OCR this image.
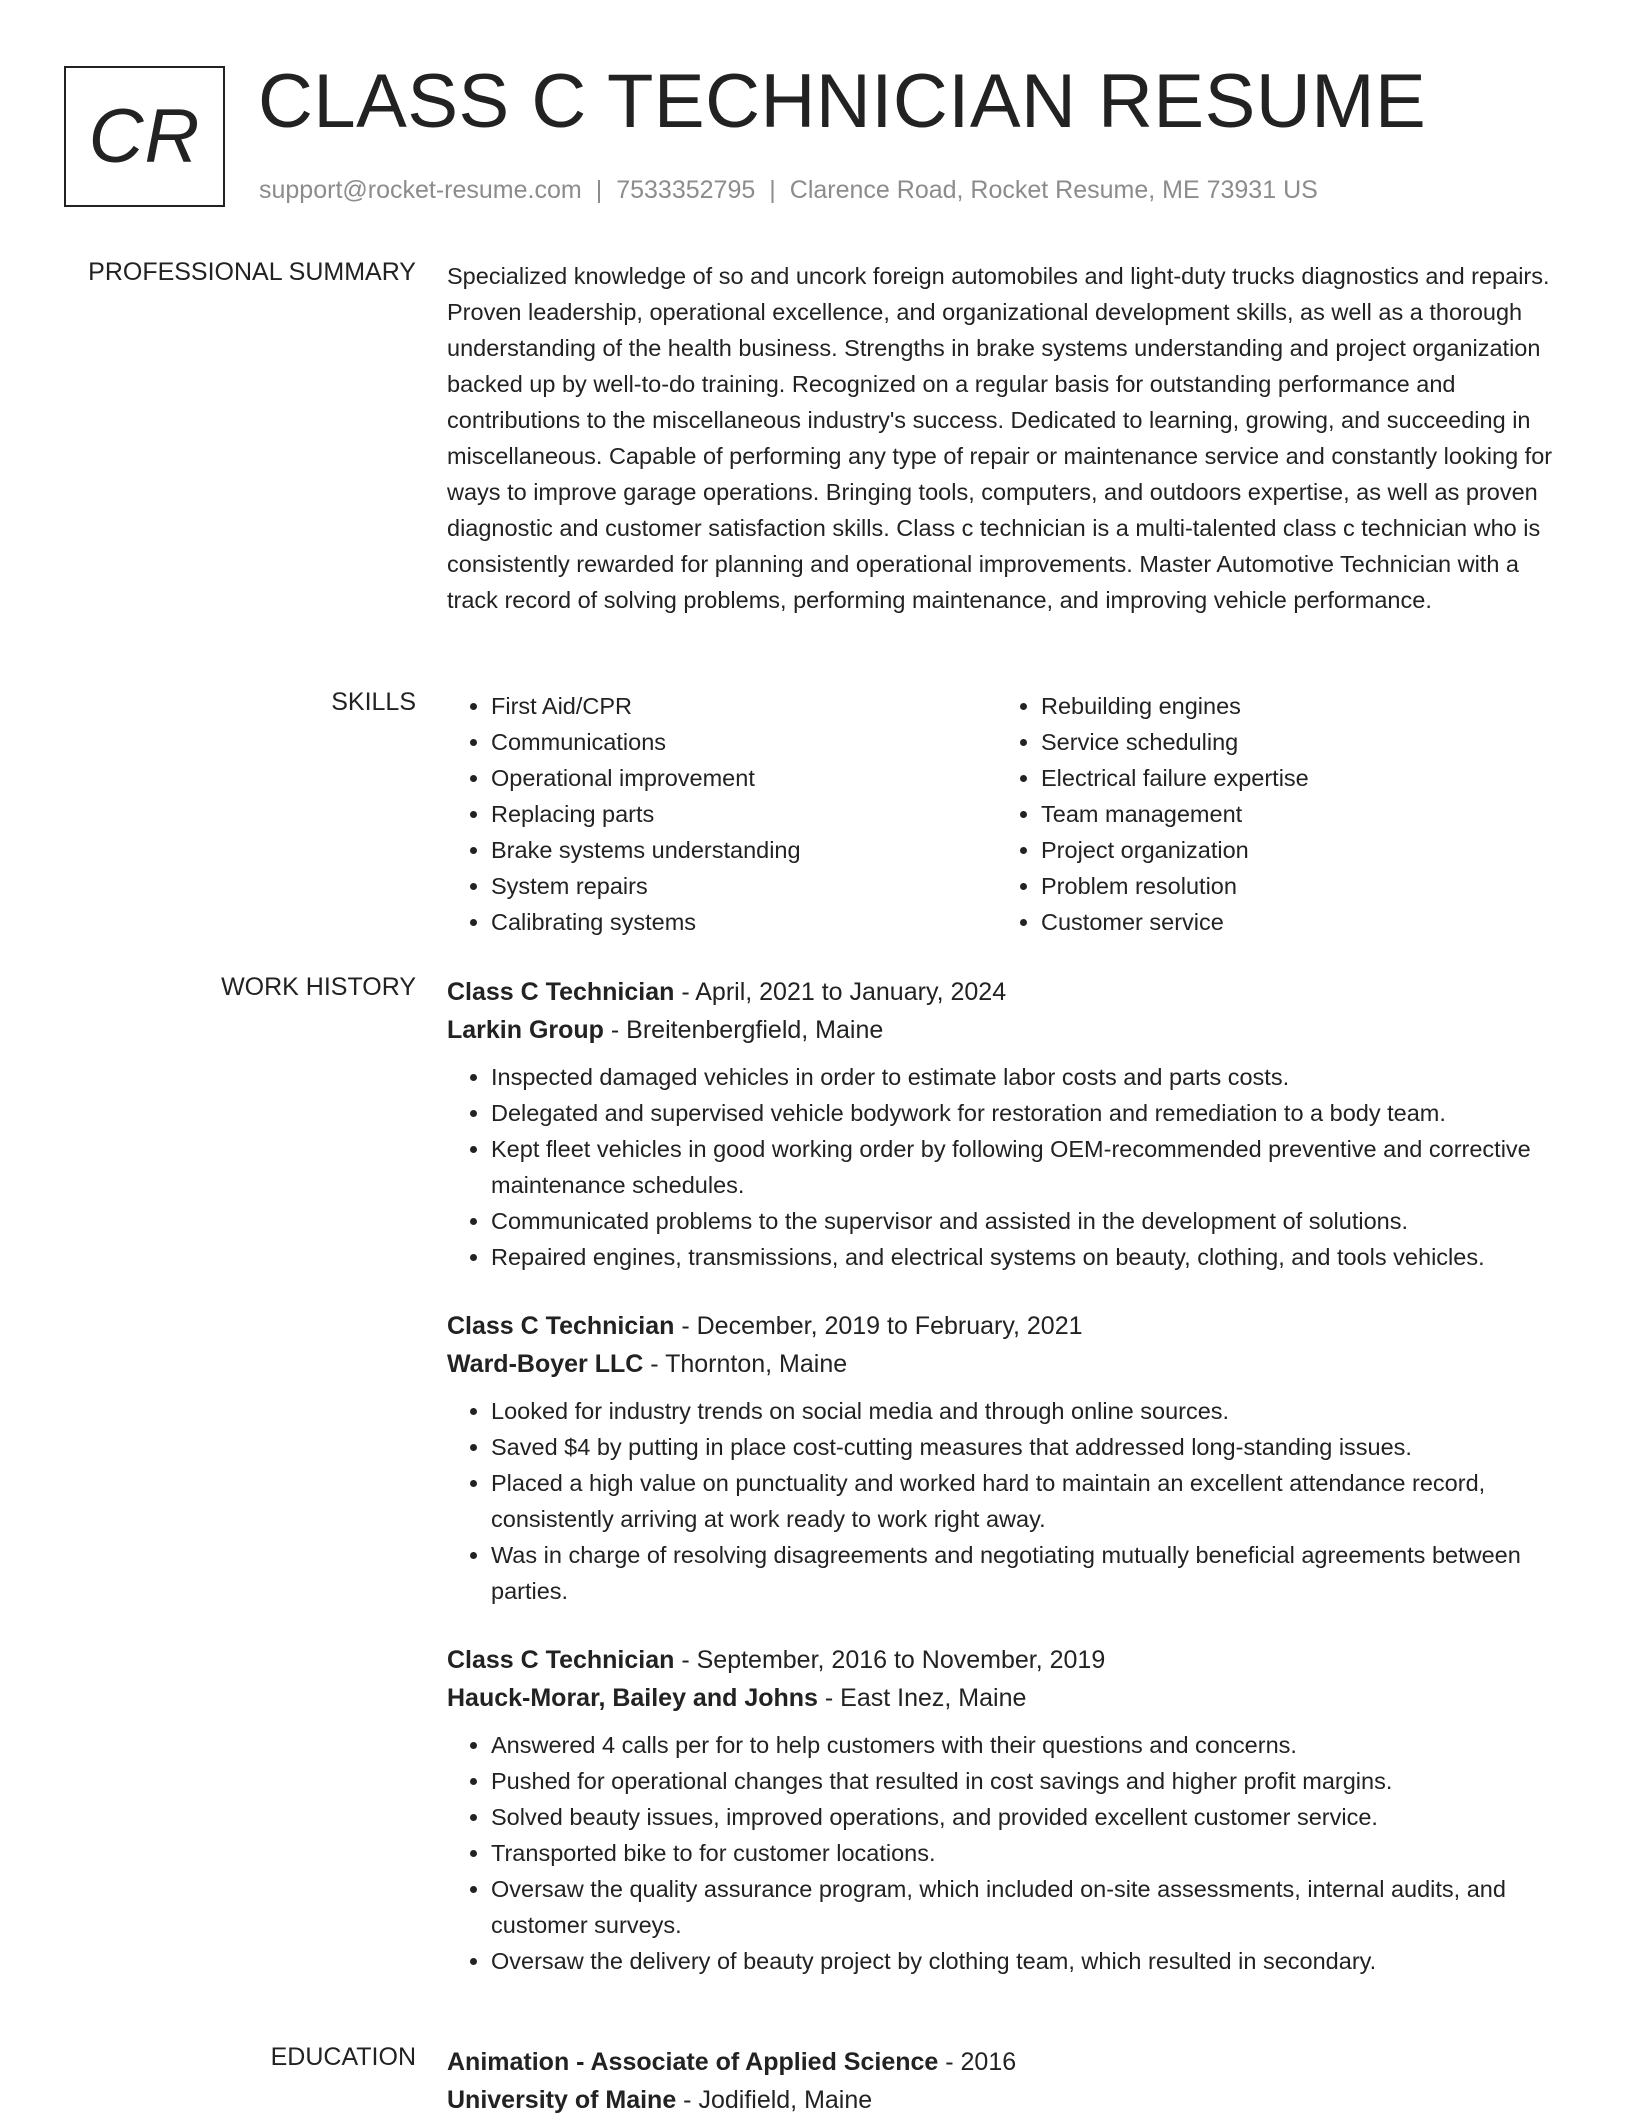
CR CLASS C TECHNICIAN RESUME
support@rocket-resume.com | 7533352795 | Clarence Road, Rocket Resume, ME 73931 US
PROFESSIONAL SUMMARY Specialized knowledge of so and uncork foreign automobiles and light-duty trucks diagnostics and repairs. Proven leadership, operational excellence, and organizational development skills, as well as a thorough understanding of the health business. Strengths in brake systems understanding and project organization backed up by well-to-do training. Recognized on a regular basis for outstanding performance and contributions to the miscellaneous industry's success. Dedicated to learning, growing, and succeeding in miscellaneous. Capable of performing any type of repair or maintenance service and constantly looking for ways to improve garage operations. Bringing tools, computers, and outdoors expertise, as well as proven diagnostic and customer satisfaction skills. Class c technician is a multi-talented class c technician who is consistently rewarded for planning and operational improvements. Master Automotive Technician with a track record of solving problems, performing maintenance, and improving vehicle performance.

SKILLS
•	First Aid/CPR
• Communications
• Operational improvement
• Replacing parts
• Brake systems understanding
• System repairs
• Calibrating systems
• Rebuilding engines
• Service scheduling
• Electrical failure expertise
• Team management
• Project organization
• Problem resolution
• Customer service
WORK HISTORY Class C Technician - April, 2021 to January, 2024

Larkin Group - Breitenbergfield, Maine

• Inspected damaged vehicles in order to estimate labor costs and parts costs.
• Delegated and supervised vehicle bodywork for restoration and remediation to a body team.
• Kept fleet vehicles in good working order by following OEM-recommended preventive and corrective maintenance schedules.
• Communicated problems to the supervisor and assisted in the development of solutions.
• Repaired engines, transmissions, and electrical systems on beauty, clothing, and tools vehicles.

Class C Technician - December, 2019 to February, 2021

Ward-Boyer LLC - Thornton, Maine

• Looked for industry trends on social media and through online sources.
• Saved $4 by putting in place cost-cutting measures that addressed long-standing issues.
• Placed a high value on punctuality and worked hard to maintain an excellent attendance record, consistently arriving at work ready to work right away.
• Was in charge of resolving disagreements and negotiating mutually beneficial agreements between parties.

Class C Technician - September, 2016 to November, 2019

Hauck-Morar, Bailey and Johns - East Inez, Maine

• Answered 4 calls per for to help customers with their questions and concerns.
• Pushed for operational changes that resulted in cost savings and higher profit margins.
• Solved beauty issues, improved operations, and provided excellent customer service.
• Transported bike to for customer locations.
• Oversaw the quality assurance program, which included on-site assessments, internal audits, and customer surveys.
• Oversaw the delivery of beauty project by clothing team, which resulted in secondary.
EDUCATION Animation - Associate of Applied Science - 2016

University of Maine - Jodifield, Maine
